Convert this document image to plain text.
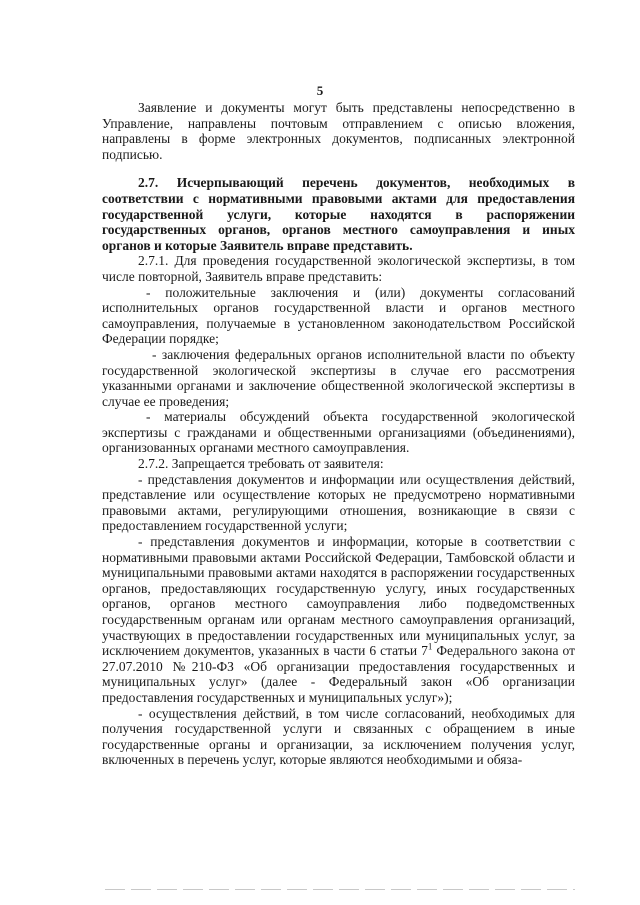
5

Заявление и документы могут быть представлены непосредственно в Управление, направлены почтовым отправлением с описью вложения, направлены в форме электронных документов, подписанных электронной подписью.

2.7. Исчерпывающий перечень документов, необходимых в соответствии с нормативными правовыми актами для предоставления государственной услуги, которые находятся в распоряжении государственных органов, органов местного самоуправления и иных органов и которые Заявитель вправе представить.

2.7.1. Для проведения государственной экологической экспертизы, в том числе повторной, Заявитель вправе представить:

- положительные заключения и (или) документы согласований исполнительных органов государственной власти и органов местного самоуправления, получаемые в установленном законодательством Российской Федерации порядке;

- заключения федеральных органов исполнительной власти по объекту государственной экологической экспертизы в случае его рассмотрения указанными органами и заключение общественной экологической экспертизы в случае ее проведения;

- материалы обсуждений объекта государственной экологической экспертизы с гражданами и общественными организациями (объединениями), организованных органами местного самоуправления.

2.7.2. Запрещается требовать от заявителя:

- представления документов и информации или осуществления действий, представление или осуществление которых не предусмотрено нормативными правовыми актами, регулирующими отношения, возникающие в связи с предоставлением государственной услуги;

- представления документов и информации, которые в соответствии с нормативными правовыми актами Российской Федерации, Тамбовской области и муниципальными правовыми актами находятся в распоряжении государственных органов, предоставляющих государственную услугу, иных государственных органов, органов местного самоуправления либо подведомственных государственным органам или органам местного самоуправления организаций, участвующих в предоставлении государственных или муниципальных услуг, за исключением документов, указанных в части 6 статьи $7^1$ Федерального закона от 27.07.2010 №210-ФЗ «Об организации предоставления государственных и муниципальных услуг» (далее - Федеральный закон «Об организации предоставления государственных и муниципальных услуг»);

- осуществления действий, в том числе согласований, необходимых для получения государственной услуги и связанных с обращением в иные государственные органы и организации, за исключением получения услуг, включенных в перечень услуг, которые являются необходимыми и обяза-
